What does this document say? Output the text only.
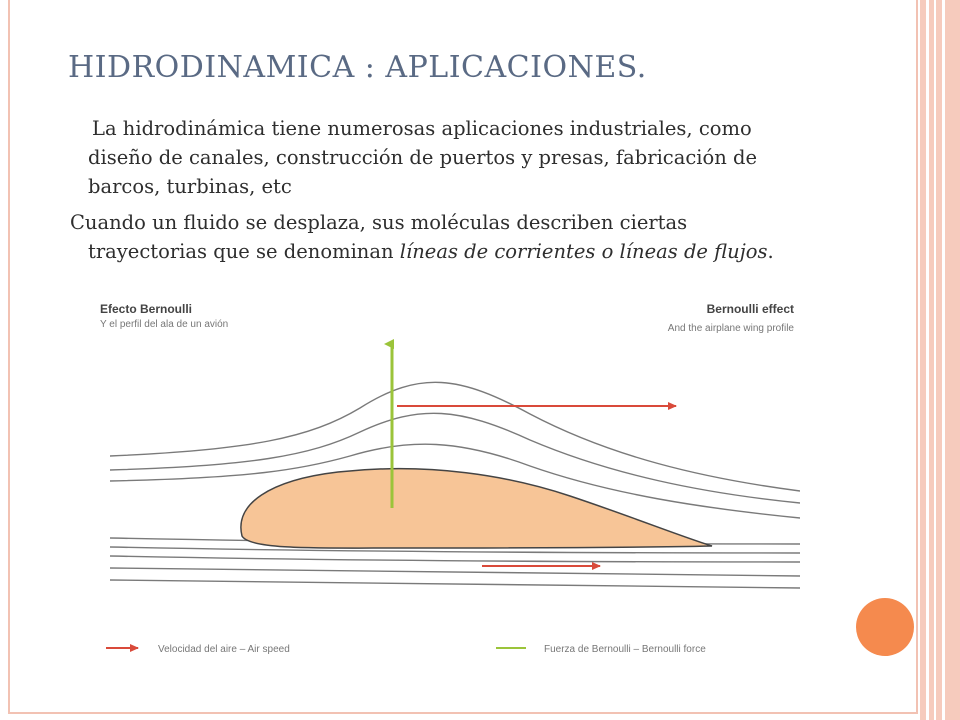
HIDRODINAMICA : APLICACIONES.

La hidrodinámica tiene numerosas aplicaciones industriales, como diseño de canales, construcción de puertos y presas, fabricación de barcos, turbinas, etc

Cuando un fluido se desplaza, sus moléculas describen ciertas trayectorias que se denominan líneas de corrientes o líneas de flujos.

Efecto Bernoulli
Y el perfil del ala de un avión
Bernoulli effect
And the airplane wing profile
Velocidad del aire – Air speed	Fuerza de Bernoulli – Bernoulli force
